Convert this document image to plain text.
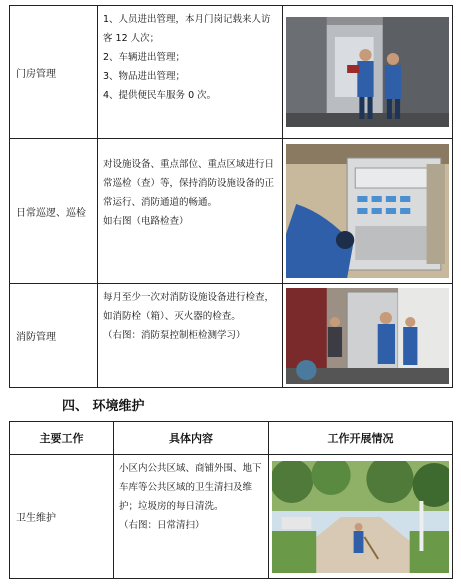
门房管理	1、人员进出管理，本月门岗记载来人访客 12 人次；
2、车辆进出管理；
3、物品进出管理；
4、提供便民车服务 0 次。

日常巡逻、巡检	对设施设备、重点部位、重点区域进行日常巡检（查）等，保持消防设施设备的正常运行、消防通道的畅通。
如右图（电路检查）

消防管理	每月至少一次对消防设施设备进行检查，如消防栓（箱）、灭火器的检查。
（右图：消防泵控制柜检测学习）

四、 环境维护
主要工作	具体内容	工作开展情况
卫生维护	小区内公共区域、商铺外围、地下车库等公共区域的卫生清扫及维护；垃圾房的每日清洗。
（右图：日常清扫）
